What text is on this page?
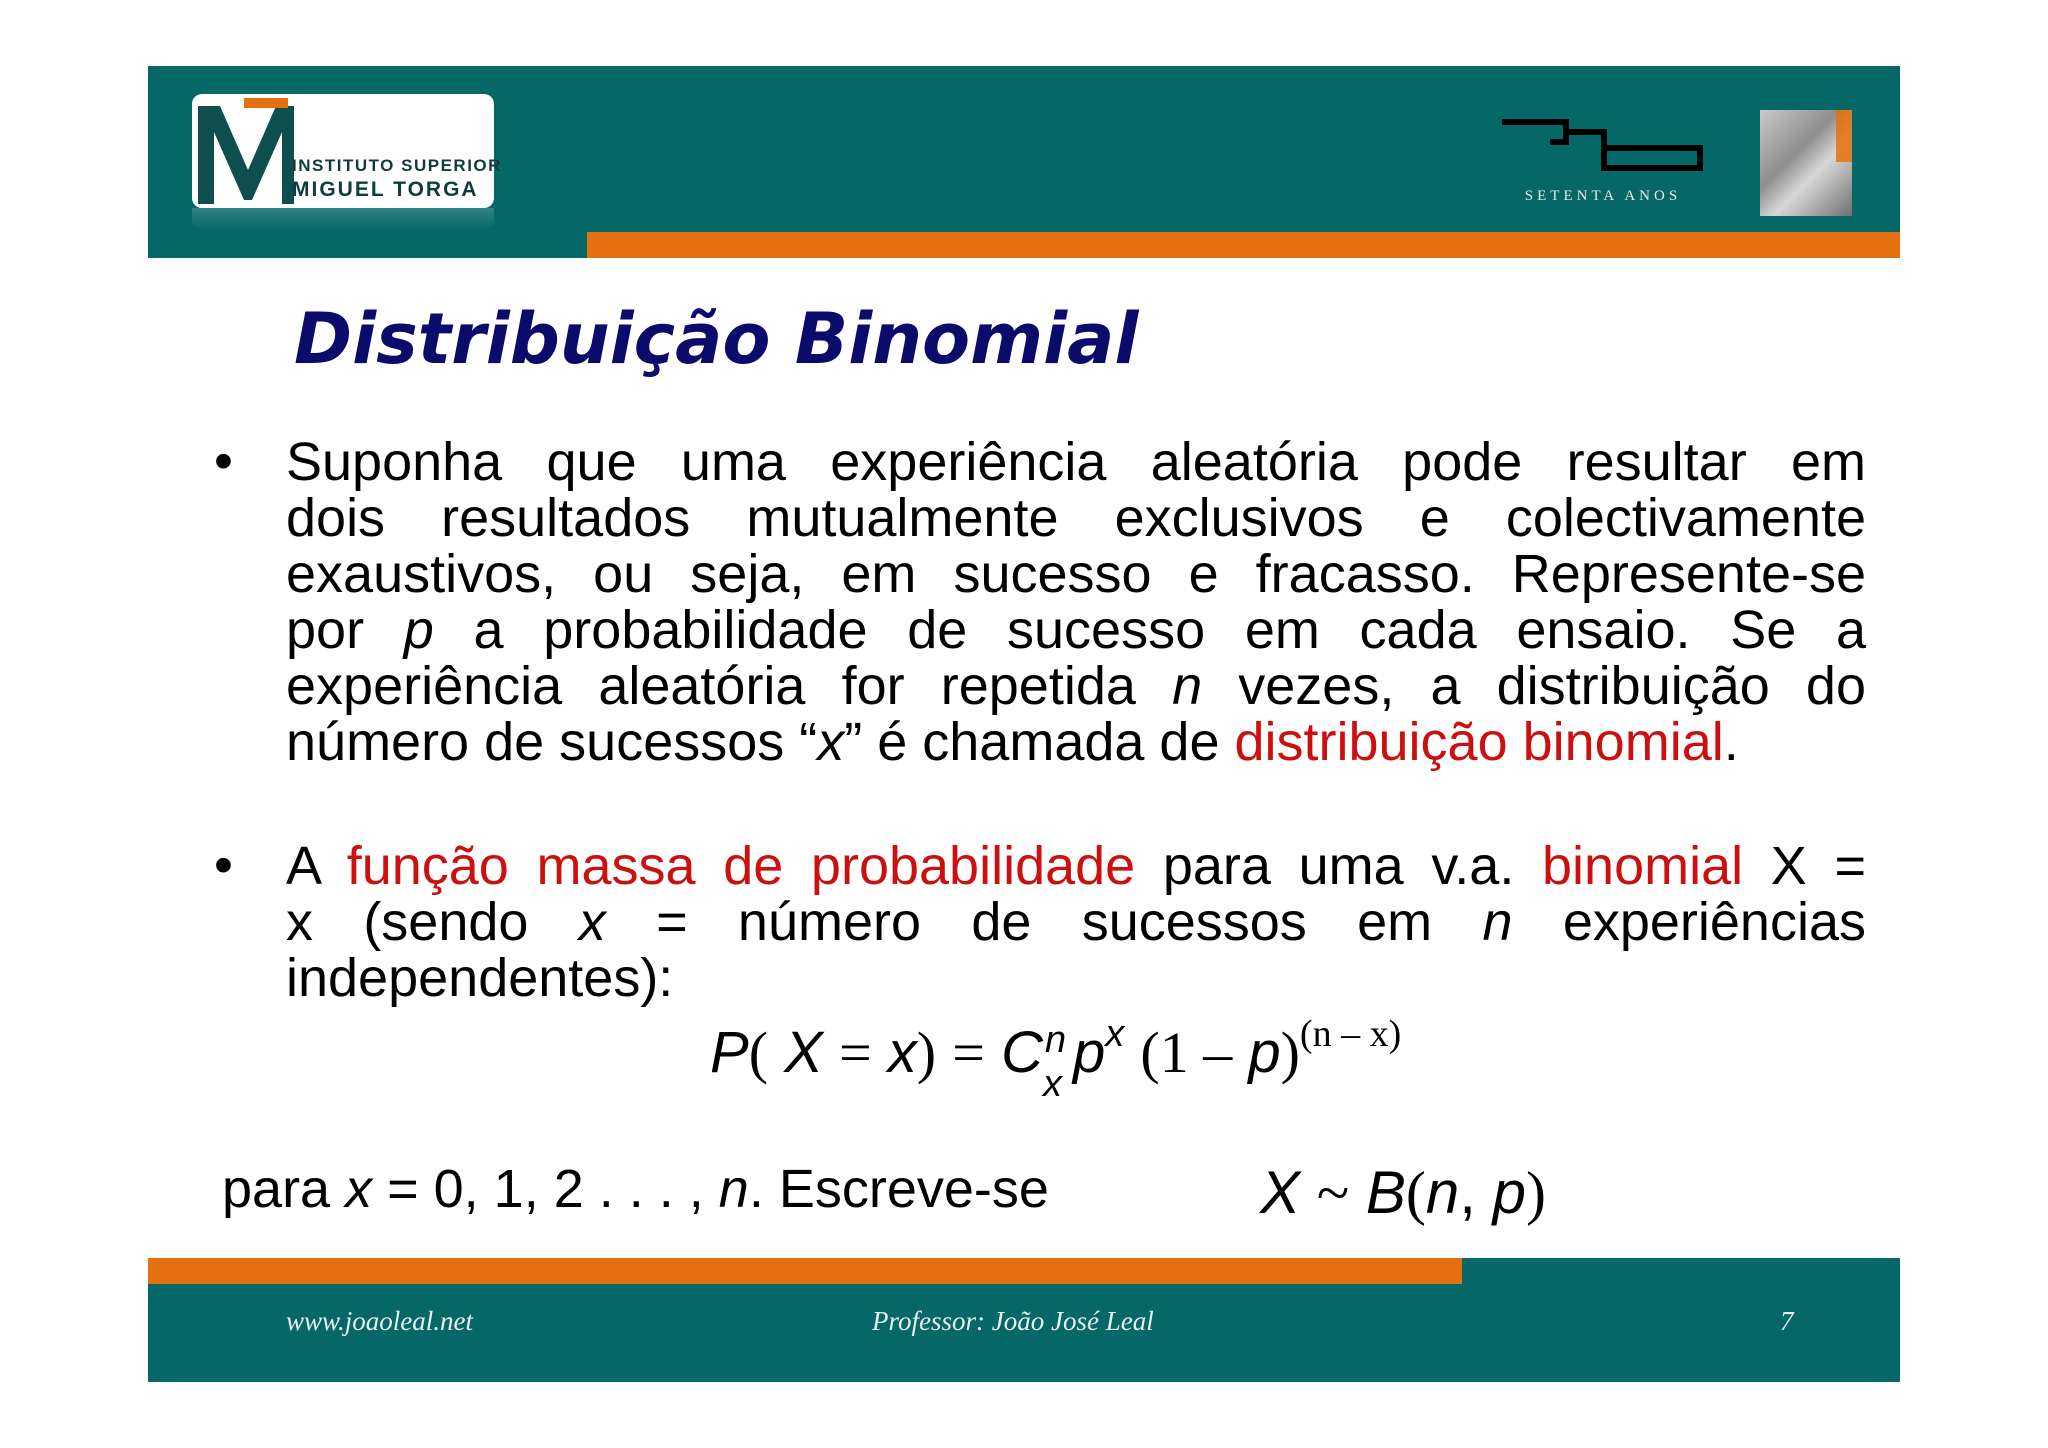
INSTITUTO SUPERIOR
MIGUEL TORGA	SETENTA ANOS
Distribuição Binomial
• Suponha que uma experiência aleatória pode resultar em
dois resultados mutualmente exclusivos e colectivamente
exaustivos, ou seja, em sucesso e fracasso. Represente-se
por p a probabilidade de sucesso em cada ensaio. Se a
experiência aleatória for repetida n vezes, a distribuição do
número de sucessos “x” é chamada de distribuição binomial.
• A função massa de probabilidade para uma v.a. binomial X =
x (sendo x = número de sucessos em n experiências
independentes):
P( X = x) = C n
x $p^x$ (1 – p)$^{(n - x)}$
para x = 0, 1, 2 . . . , n. Escreve-se	X ~ B(n, p)
www.joaoleal.net	Professor: João José Leal	7
